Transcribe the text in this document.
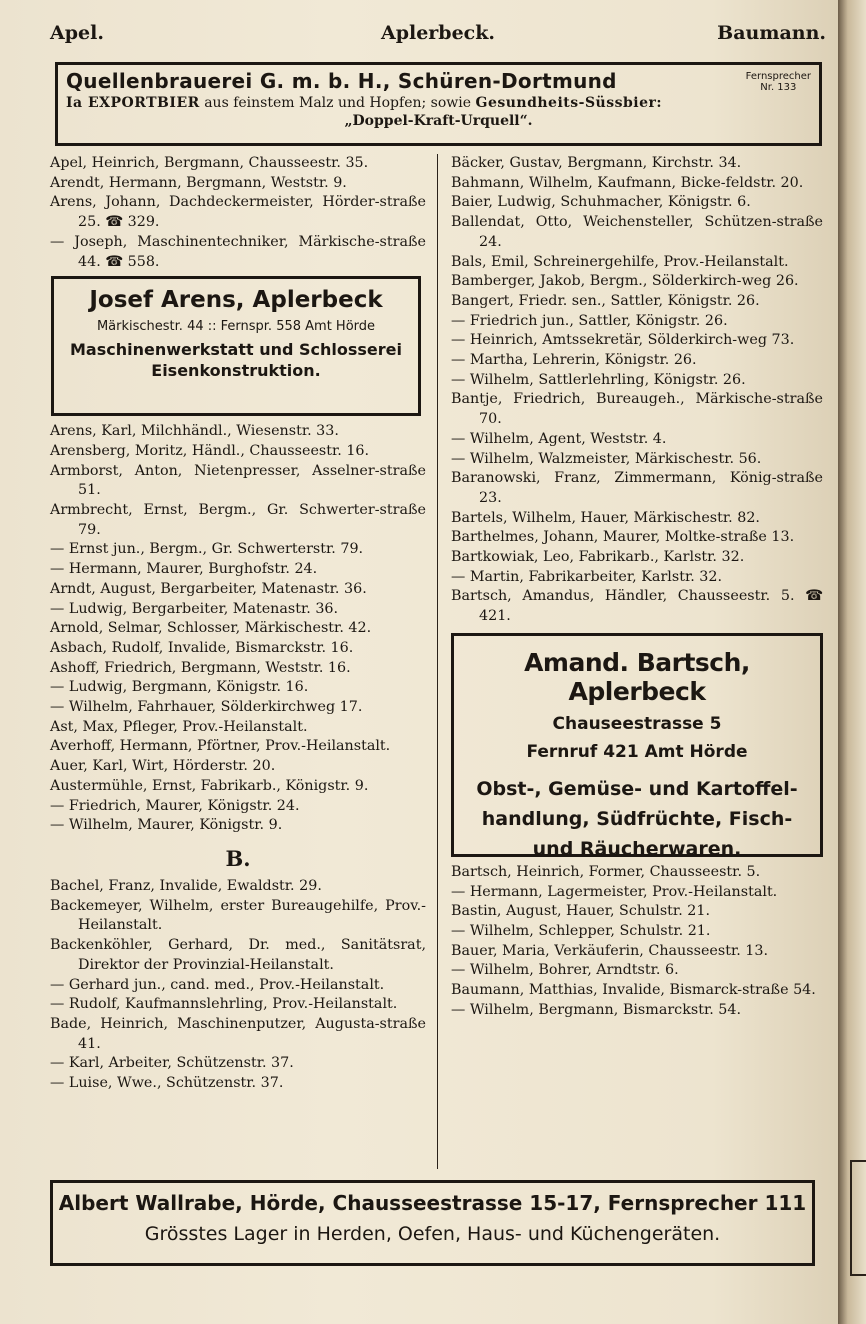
Aplerbeck.
Apel.	Baumann.
Quellenbrauerei G. m. b. H., Schüren-Dortmund	Fernsprecher
Nr. 133
Ia EXPORTBIER aus feinstem Malz und Hopfen; sowie Gesundheits-Süssbier:
„Doppel-Kraft-Urquell“.
Apel, Heinrich, Bergmann, Chausseestr. 35.
Arendt, Hermann, Bergmann, Weststr. 9.
Arens, Johann, Dachdeckermeister, Hörder-straße 25. ☎ 329.
— Joseph, Maschinentechniker, Märkische-straße 44. ☎ 558.
Josef Arens, Aplerbeck
Märkischestr. 44 :: Fernspr. 558 Amt Hörde
Maschinenwerkstatt und Schlosserei
Eisenkonstruktion.
Arens, Karl, Milchhändl., Wiesenstr. 33.
Arensberg, Moritz, Händl., Chausseestr. 16.
Armborst, Anton, Nietenpresser, Asselner-straße 51.
Armbrecht, Ernst, Bergm., Gr. Schwerter-straße 79.
— Ernst jun., Bergm., Gr. Schwerterstr. 79.
— Hermann, Maurer, Burghofstr. 24.
Arndt, August, Bergarbeiter, Matenastr. 36.
— Ludwig, Bergarbeiter, Matenastr. 36.
Arnold, Selmar, Schlosser, Märkischestr. 42.
Asbach, Rudolf, Invalide, Bismarckstr. 16.
Ashoff, Friedrich, Bergmann, Weststr. 16.
— Ludwig, Bergmann, Königstr. 16.
— Wilhelm, Fahrhauer, Sölderkirchweg 17.
Ast, Max, Pfleger, Prov.-Heilanstalt.
Averhoff, Hermann, Pförtner, Prov.-Heilanstalt.
Auer, Karl, Wirt, Hörderstr. 20.
Austermühle, Ernst, Fabrikarb., Königstr. 9.
— Friedrich, Maurer, Königstr. 24.
— Wilhelm, Maurer, Königstr. 9.
B.
Bachel, Franz, Invalide, Ewaldstr. 29.
Backemeyer, Wilhelm, erster Bureaugehilfe, Prov.-Heilanstalt.
Backenköhler, Gerhard, Dr. med., Sanitätsrat, Direktor der Provinzial-Heilanstalt.
— Gerhard jun., cand. med., Prov.-Heilanstalt.
— Rudolf, Kaufmannslehrling, Prov.-Heilanstalt.
Bade, Heinrich, Maschinenputzer, Augusta-straße 41.
— Karl, Arbeiter, Schützenstr. 37.
— Luise, Wwe., Schützenstr. 37.
Bäcker, Gustav, Bergmann, Kirchstr. 34.
Bahmann, Wilhelm, Kaufmann, Bicke-feldstr. 20.
Baier, Ludwig, Schuhmacher, Königstr. 6.
Ballendat, Otto, Weichensteller, Schützen-straße 24.
Bals, Emil, Schreinergehilfe, Prov.-Heilanstalt.
Bamberger, Jakob, Bergm., Sölderkirch-weg 26.
Bangert, Friedr. sen., Sattler, Königstr. 26.
— Friedrich jun., Sattler, Königstr. 26.
— Heinrich, Amtssekretär, Sölderkirch-weg 73.
— Martha, Lehrerin, Königstr. 26.
— Wilhelm, Sattlerlehrling, Königstr. 26.
Bantje, Friedrich, Bureaugeh., Märkische-straße 70.
— Wilhelm, Agent, Weststr. 4.
— Wilhelm, Walzmeister, Märkischestr. 56.
Baranowski, Franz, Zimmermann, König-straße 23.
Bartels, Wilhelm, Hauer, Märkischestr. 82.
Barthelmes, Johann, Maurer, Moltke-straße 13.
Bartkowiak, Leo, Fabrikarb., Karlstr. 32.
— Martin, Fabrikarbeiter, Karlstr. 32.
Bartsch, Amandus, Händler, Chausseestr. 5. ☎ 421.
Amand. Bartsch, Aplerbeck
Chauseestrasse 5
Fernruf 421 Amt Hörde
Obst-, Gemüse- und Kartoffel-handlung, Südfrüchte, Fisch- und Räucherwaren.
Bartsch, Heinrich, Former, Chausseestr. 5.
— Hermann, Lagermeister, Prov.-Heilanstalt.
Bastin, August, Hauer, Schulstr. 21.
— Wilhelm, Schlepper, Schulstr. 21.
Bauer, Maria, Verkäuferin, Chausseestr. 13.
— Wilhelm, Bohrer, Arndtstr. 6.
Baumann, Matthias, Invalide, Bismarck-straße 54.
— Wilhelm, Bergmann, Bismarckstr. 54.
Albert Wallrabe, Hörde, Chausseestrasse 15-17, Fernsprecher 111
Grösstes Lager in Herden, Oefen, Haus- und Küchengeräten.
